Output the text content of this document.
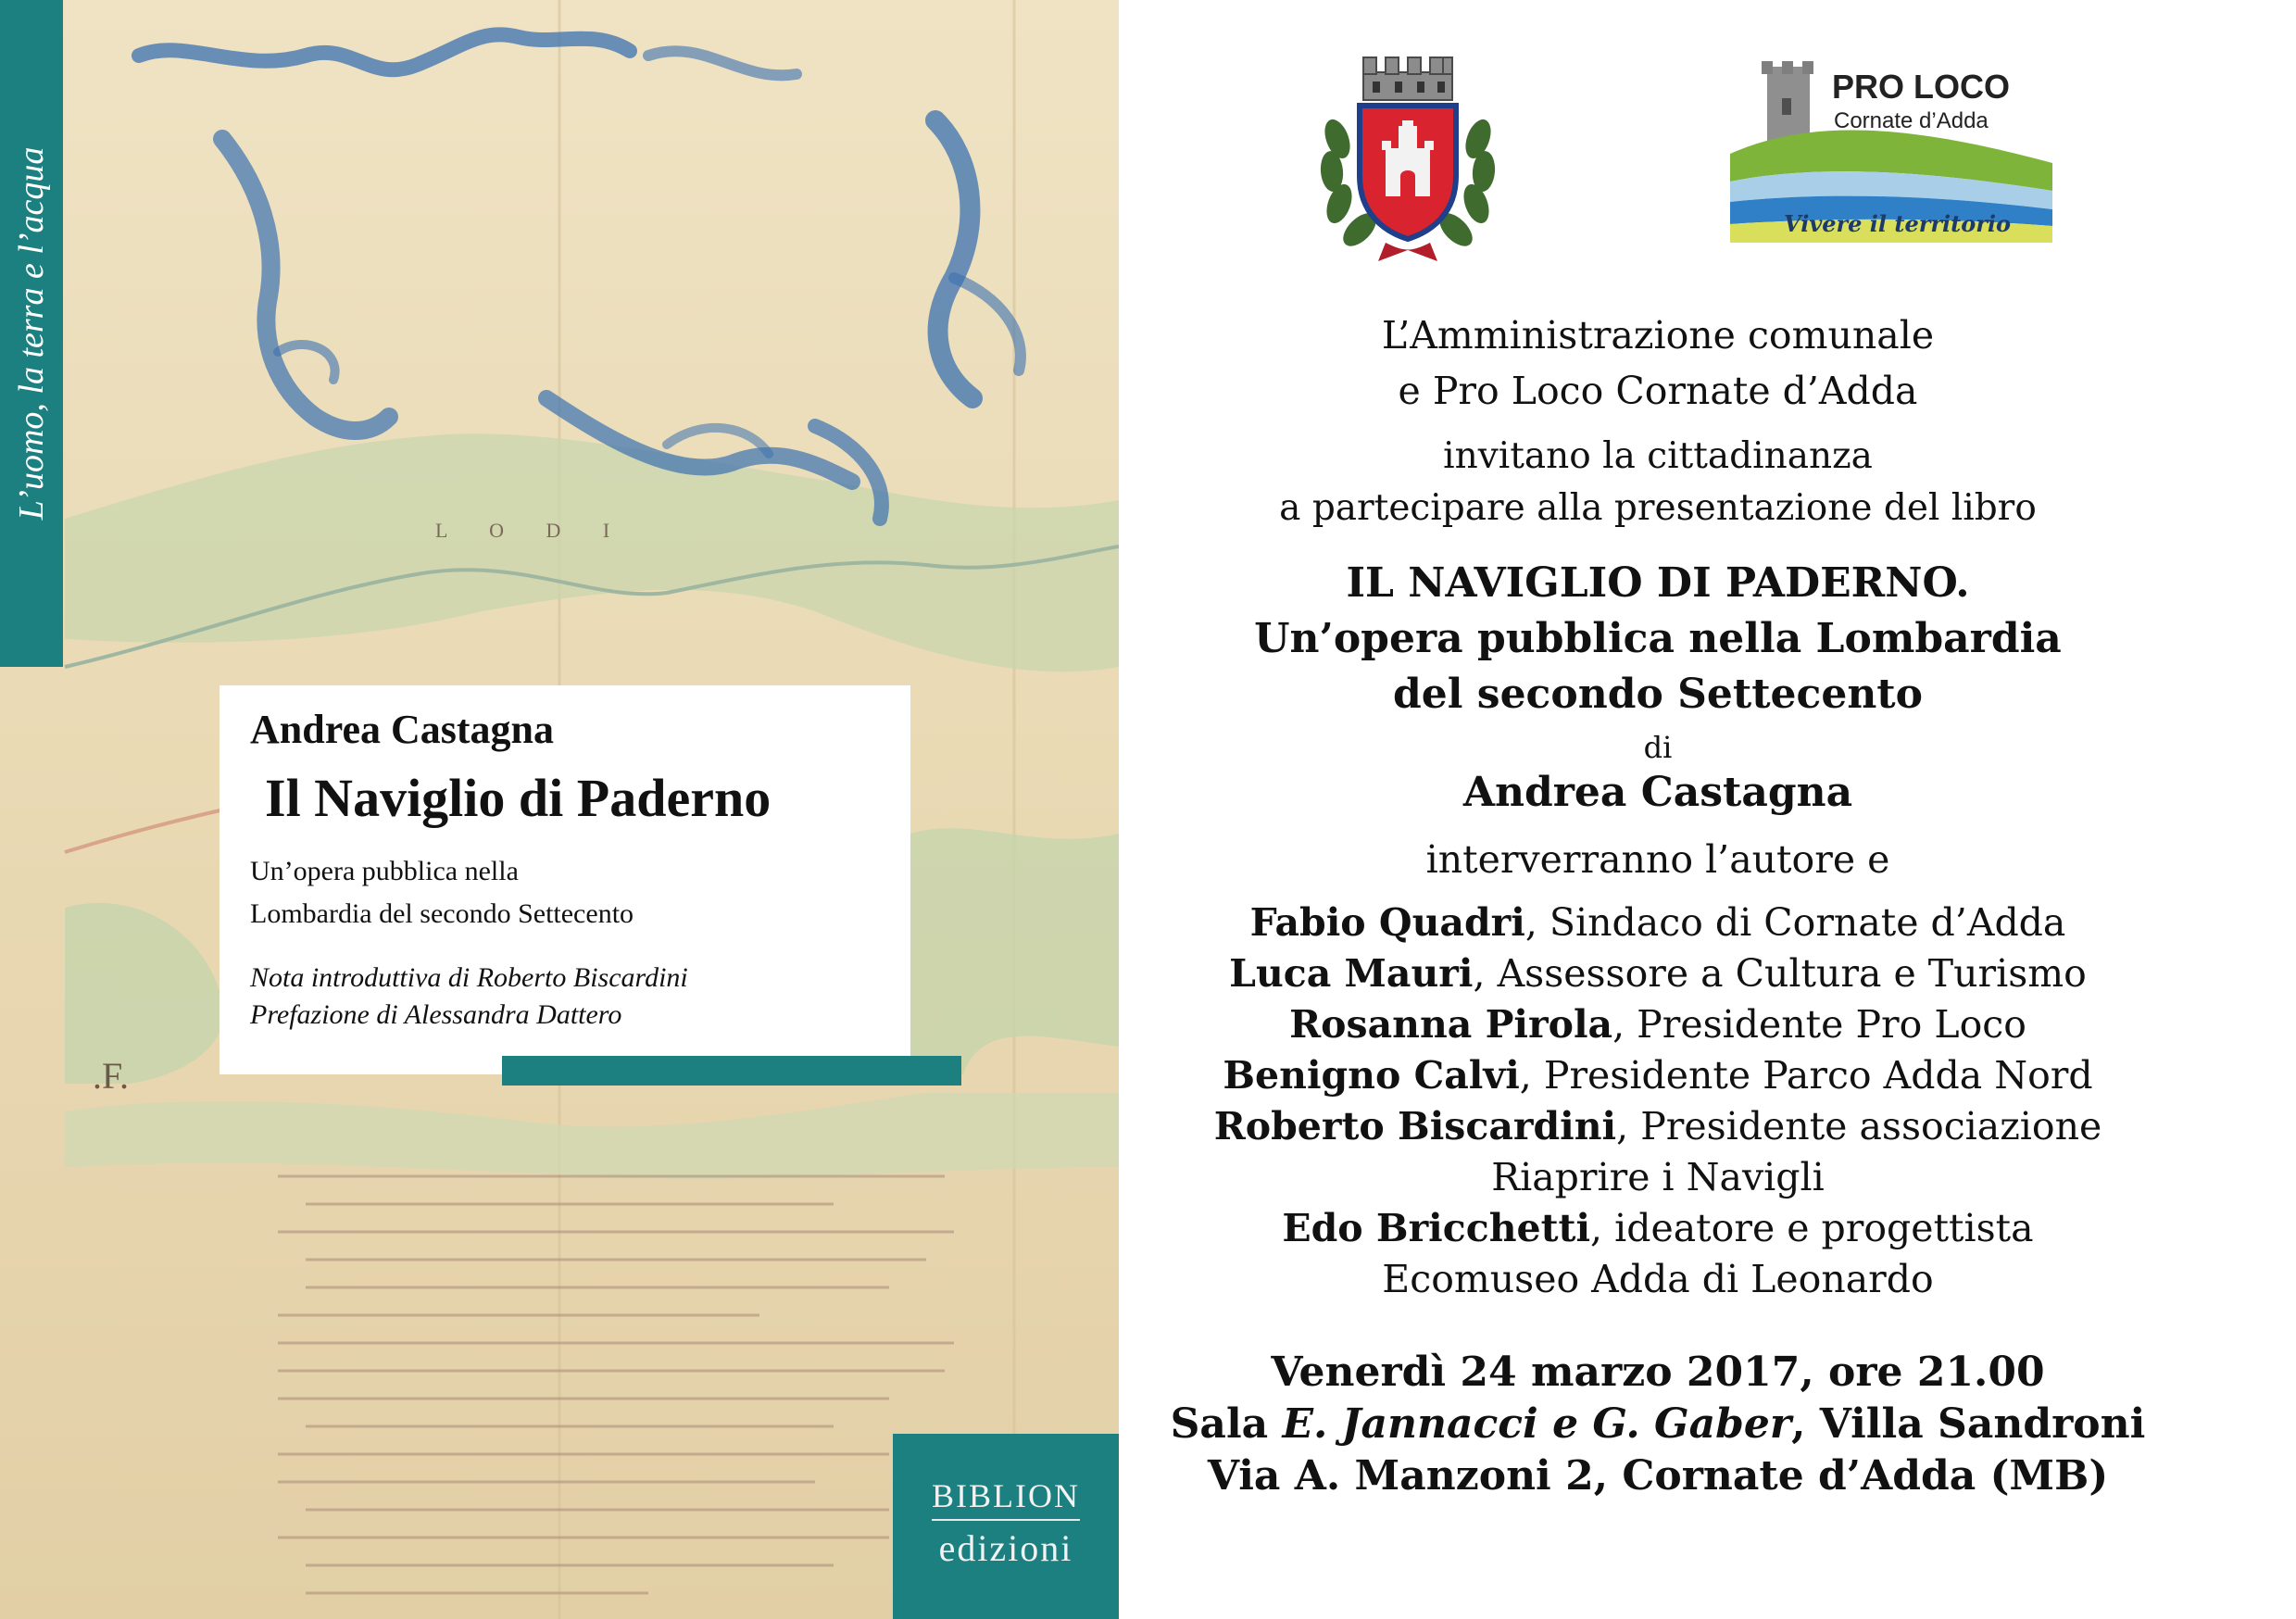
.F.
L O D I
L’uomo, la terra e l’acqua
Andrea Castagna
Il Naviglio di Paderno
Un’opera pubblica nella
Lombardia del secondo Settecento
Nota introduttiva di Roberto Biscardini
Prefazione di Alessandra Dattero
BIBLION
edizioni
PRO LOCO
Cornate d’Adda
Vivere il territorio
L’Amministrazione comunale
e Pro Loco Cornate d’Adda
invitano la cittadinanza
a partecipare alla presentazione del libro
IL NAVIGLIO DI PADERNO.
Un’opera pubblica nella Lombardia
del secondo Settecento
di
Andrea Castagna
interverranno l’autore e
Fabio Quadri, Sindaco di Cornate d’Adda
Luca Mauri, Assessore a Cultura e Turismo
Rosanna Pirola, Presidente Pro Loco
Benigno Calvi, Presidente Parco Adda Nord
Roberto Biscardini, Presidente associazione
Riaprire i Navigli
Edo Bricchetti, ideatore e progettista
Ecomuseo Adda di Leonardo
Venerdì 24 marzo 2017, ore 21.00
Sala E. Jannacci e G. Gaber, Villa Sandroni
Via A. Manzoni 2, Cornate d’Adda (MB)
